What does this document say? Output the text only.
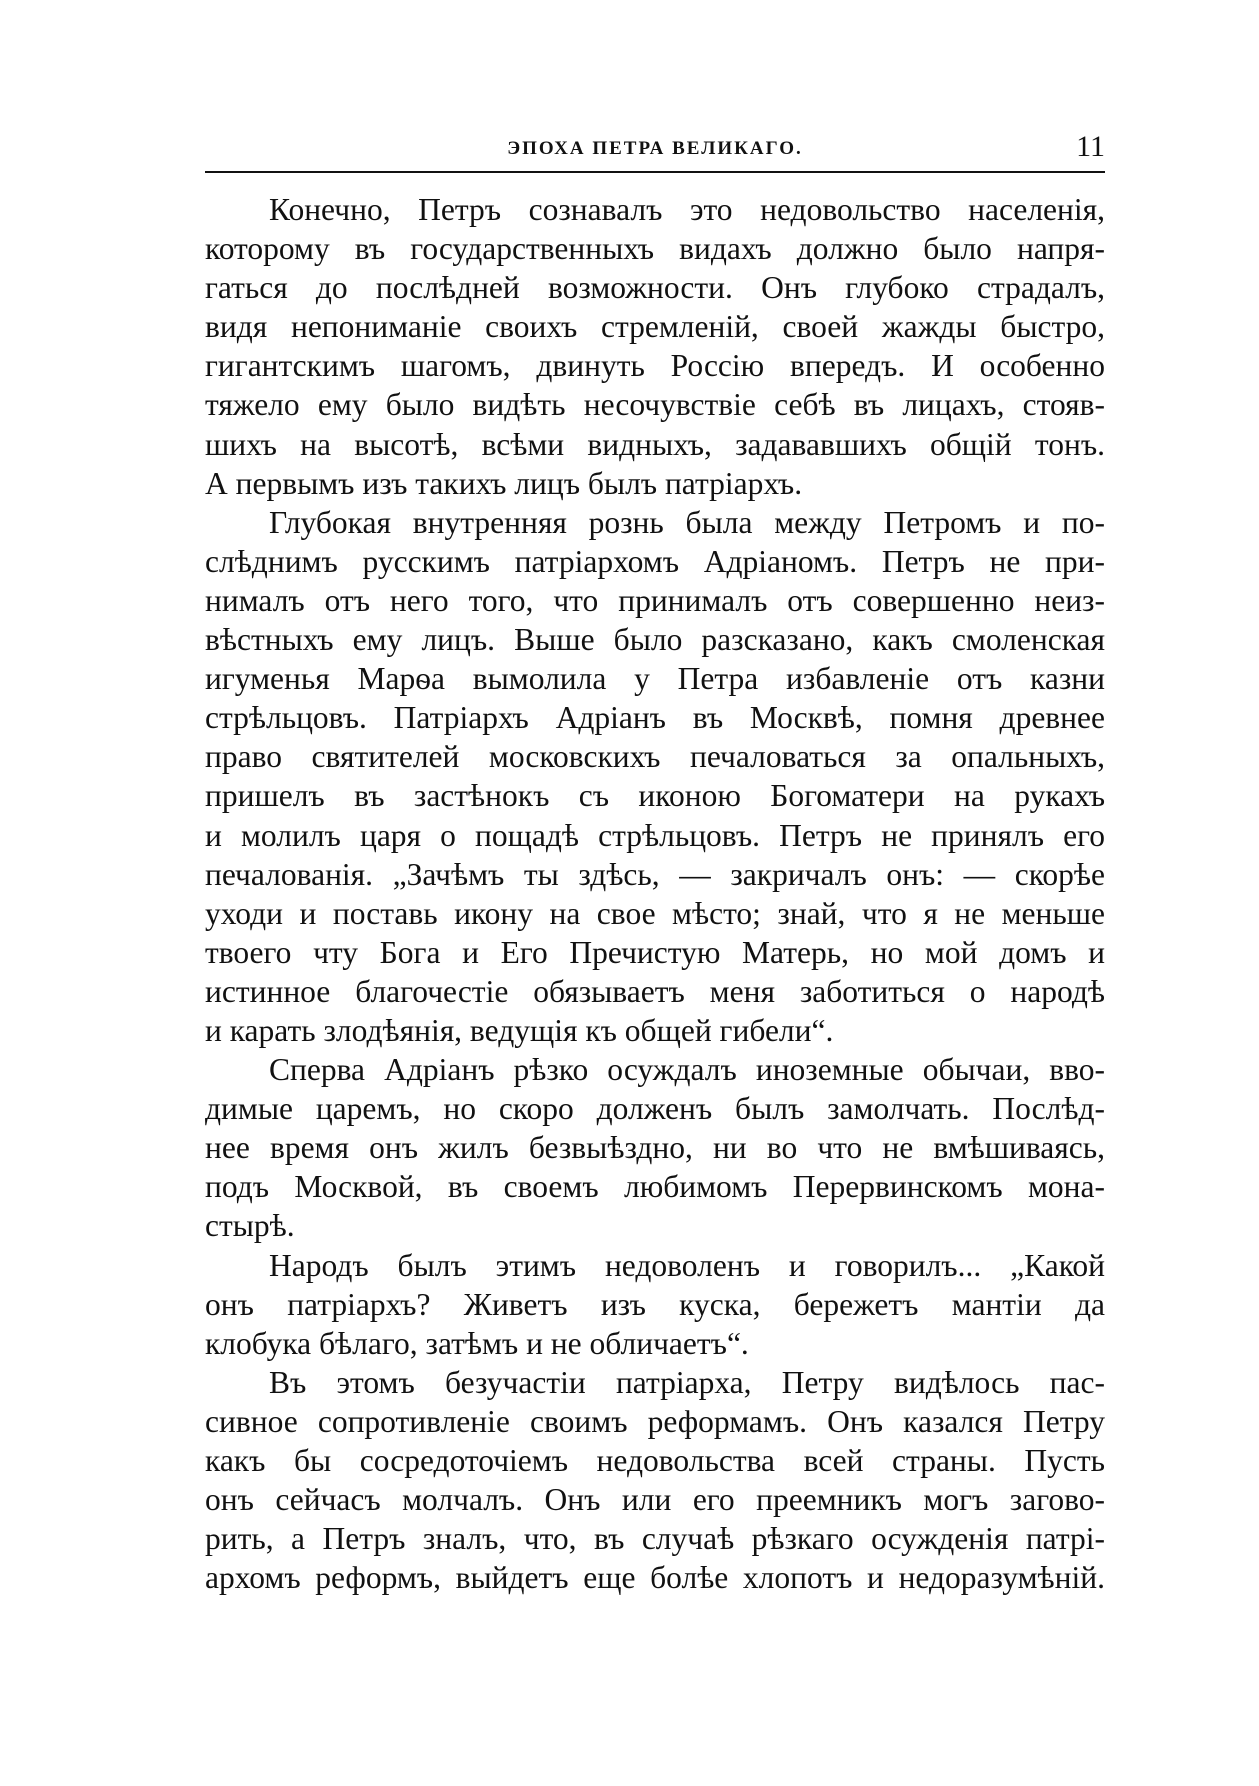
ЭПОХА ПЕТРА ВЕЛИКАГО.	11
Конечно, Петръ сознавалъ это недовольство населенія,
которому въ государственныхъ видахъ должно было напря-
гаться до послѣдней возможности. Онъ глубоко страдалъ,
видя непониманіе своихъ стремленій, своей жажды быстро,
гигантскимъ шагомъ, двинуть Россію впередъ. И особенно
тяжело ему было видѣть несочувствіе себѣ въ лицахъ, стояв-
шихъ на высотѣ, всѣми видныхъ, задававшихъ общій тонъ.
А первымъ изъ такихъ лицъ былъ патріархъ.
Глубокая внутренняя рознь была между Петромъ и по-
слѣднимъ русскимъ патріархомъ Адріаномъ. Петръ не при-
нималъ отъ него того, что принималъ отъ совершенно неиз-
вѣстныхъ ему лицъ. Выше было разсказано, какъ смоленская
игуменья Марѳа вымолила у Петра избавленіе отъ казни
стрѣльцовъ. Патріархъ Адріанъ въ Москвѣ, помня древнее
право святителей московскихъ печаловаться за опальныхъ,
пришелъ въ застѣнокъ съ иконою Богоматери на рукахъ
и молилъ царя о пощадѣ стрѣльцовъ. Петръ не принялъ его
печалованія. „Зачѣмъ ты здѣсь, — закричалъ онъ: — скорѣе
уходи и поставь икону на свое мѣсто; знай, что я не меньше
твоего чту Бога и Его Пречистую Матерь, но мой домъ и
истинное благочестіе обязываетъ меня заботиться о народѣ
и карать злодѣянія, ведущія къ общей гибели“.
Сперва Адріанъ рѣзко осуждалъ иноземные обычаи, вво-
димые царемъ, но скоро долженъ былъ замолчать. Послѣд-
нее время онъ жилъ безвыѣздно, ни во что не вмѣшиваясь,
подъ Москвой, въ своемъ любимомъ Перервинскомъ мона-
стырѣ.
Народъ былъ этимъ недоволенъ и говорилъ... „Какой
онъ патріархъ? Живетъ изъ куска, бережетъ мантіи да
клобука бѣлаго, затѣмъ и не обличаетъ“.
Въ этомъ безучастіи патріарха, Петру видѣлось пас-
сивное сопротивленіе своимъ реформамъ. Онъ казался Петру
какъ бы сосредоточіемъ недовольства всей страны. Пусть
онъ сейчасъ молчалъ. Онъ или его преемникъ могъ загово-
рить, а Петръ зналъ, что, въ случаѣ рѣзкаго осужденія патрі-
архомъ реформъ, выйдетъ еще болѣе хлопотъ и недоразумѣній.
